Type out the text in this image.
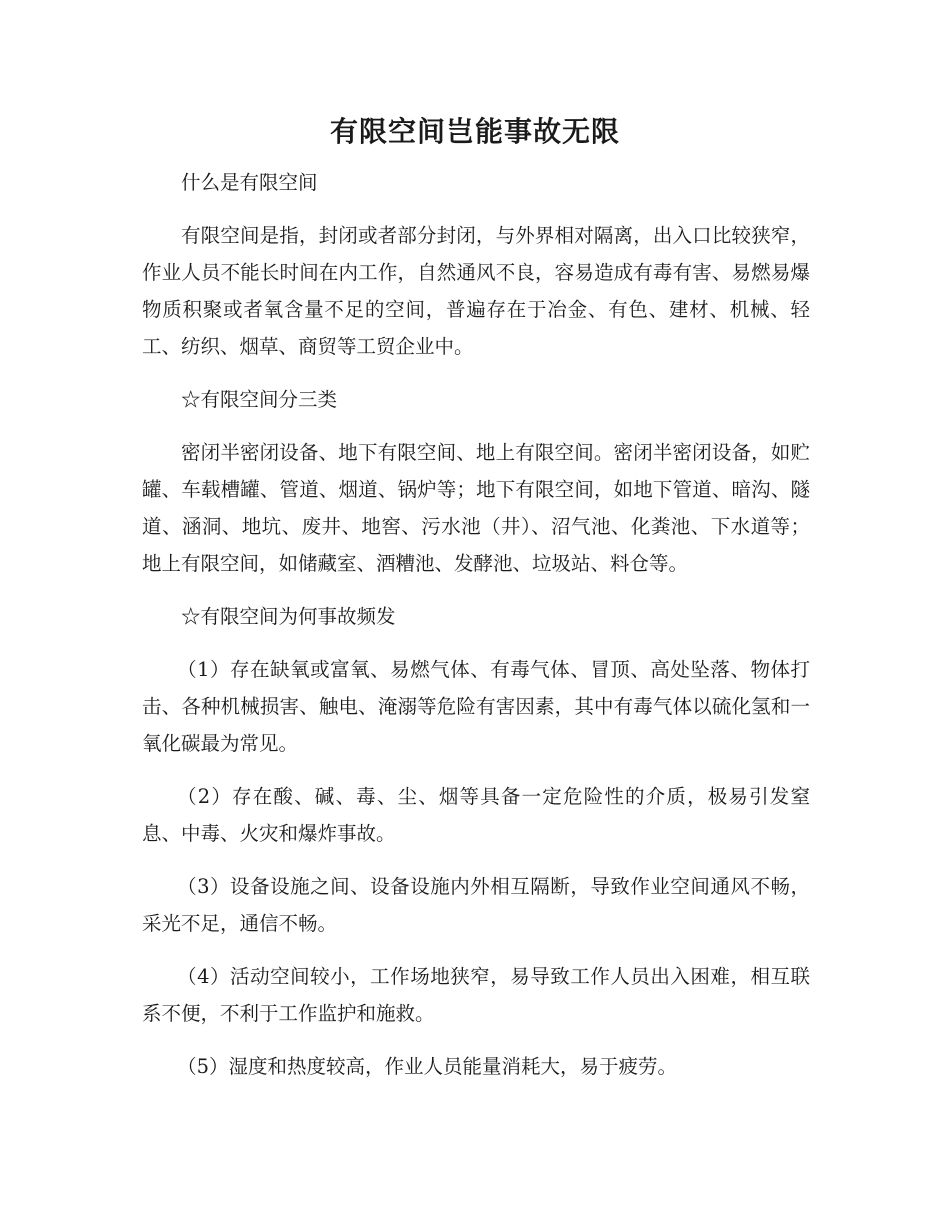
有限空间岂能事故无限

什么是有限空间

有限空间是指，封闭或者部分封闭，与外界相对隔离，出入口比较狭窄，作业人员不能长时间在内工作，自然通风不良，容易造成有毒有害、易燃易爆物质积聚或者氧含量不足的空间，普遍存在于冶金、有色、建材、机械、轻工、纺织、烟草、商贸等工贸企业中。

☆有限空间分三类

密闭半密闭设备、地下有限空间、地上有限空间。密闭半密闭设备，如贮罐、车载槽罐、管道、烟道、锅炉等；地下有限空间，如地下管道、暗沟、隧道、涵洞、地坑、废井、地窖、污水池（井）、沼气池、化粪池、下水道等；地上有限空间，如储藏室、酒糟池、发酵池、垃圾站、料仓等。

☆有限空间为何事故频发

（1）存在缺氧或富氧、易燃气体、有毒气体、冒顶、高处坠落、物体打击、各种机械损害、触电、淹溺等危险有害因素，其中有毒气体以硫化氢和一氧化碳最为常见。

（2）存在酸、碱、毒、尘、烟等具备一定危险性的介质，极易引发窒息、中毒、火灾和爆炸事故。

（3）设备设施之间、设备设施内外相互隔断，导致作业空间通风不畅，采光不足，通信不畅。

（4）活动空间较小，工作场地狭窄，易导致工作人员出入困难，相互联系不便，不利于工作监护和施救。

（5）湿度和热度较高，作业人员能量消耗大，易于疲劳。
